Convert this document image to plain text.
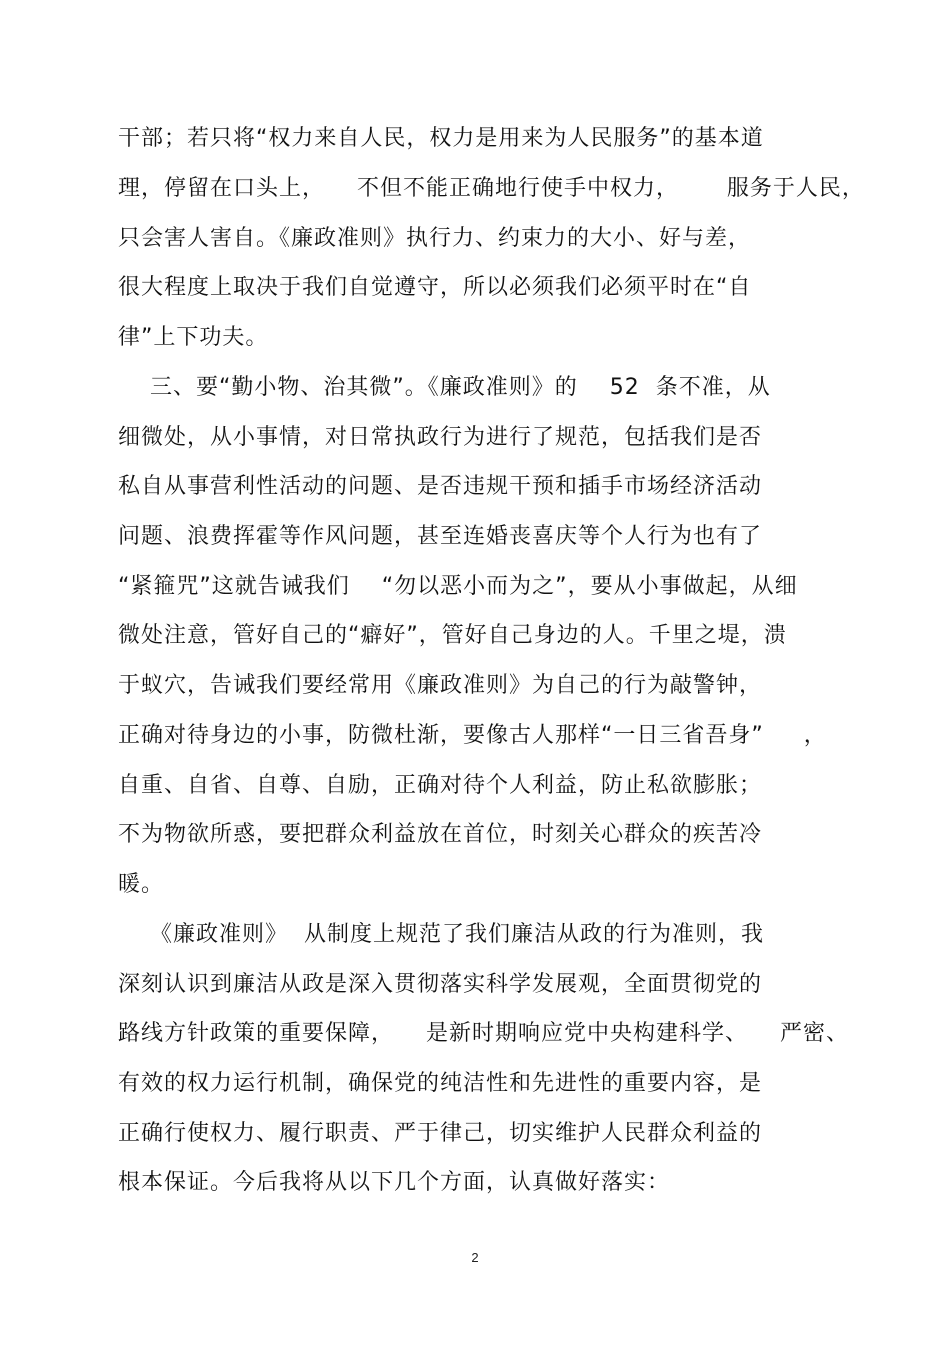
干部；若只将“权力来自人民，权力是用来为人民服务”的基本道
理，停留在口头上，    不但不能正确地行使手中权力，      服务于人民，
只会害人害自。《廉政准则》执行力、约束力的大小、好与差，
很大程度上取决于我们自觉遵守，所以必须我们必须平时在“自
律”上下功夫。
三、要“勤小物、治其微”。《廉政准则》的    52  条不准，从
细微处，从小事情，对日常执政行为进行了规范，包括我们是否
私自从事营利性活动的问题、是否违规干预和插手市场经济活动
问题、浪费挥霍等作风问题，甚至连婚丧喜庆等个人行为也有了
“紧箍咒”这就告诫我们    “勿以恶小而为之”，要从小事做起，从细
微处注意，管好自己的“癖好”，管好自己身边的人。千里之堤，溃
于蚁穴，告诫我们要经常用《廉政准则》为自己的行为敲警钟，
正确对待身边的小事，防微杜渐，要像古人那样“一日三省吾身”     ，
自重、自省、自尊、自励，正确对待个人利益，防止私欲膨胀；
不为物欲所惑，要把群众利益放在首位，时刻关心群众的疾苦冷
暖。
《廉政准则》  从制度上规范了我们廉洁从政的行为准则，我
深刻认识到廉洁从政是深入贯彻落实科学发展观，全面贯彻党的
路线方针政策的重要保障，    是新时期响应党中央构建科学、    严密、
有效的权力运行机制，确保党的纯洁性和先进性的重要内容，是
正确行使权力、履行职责、严于律己，切实维护人民群众利益的
根本保证。今后我将从以下几个方面，认真做好落实：
2
